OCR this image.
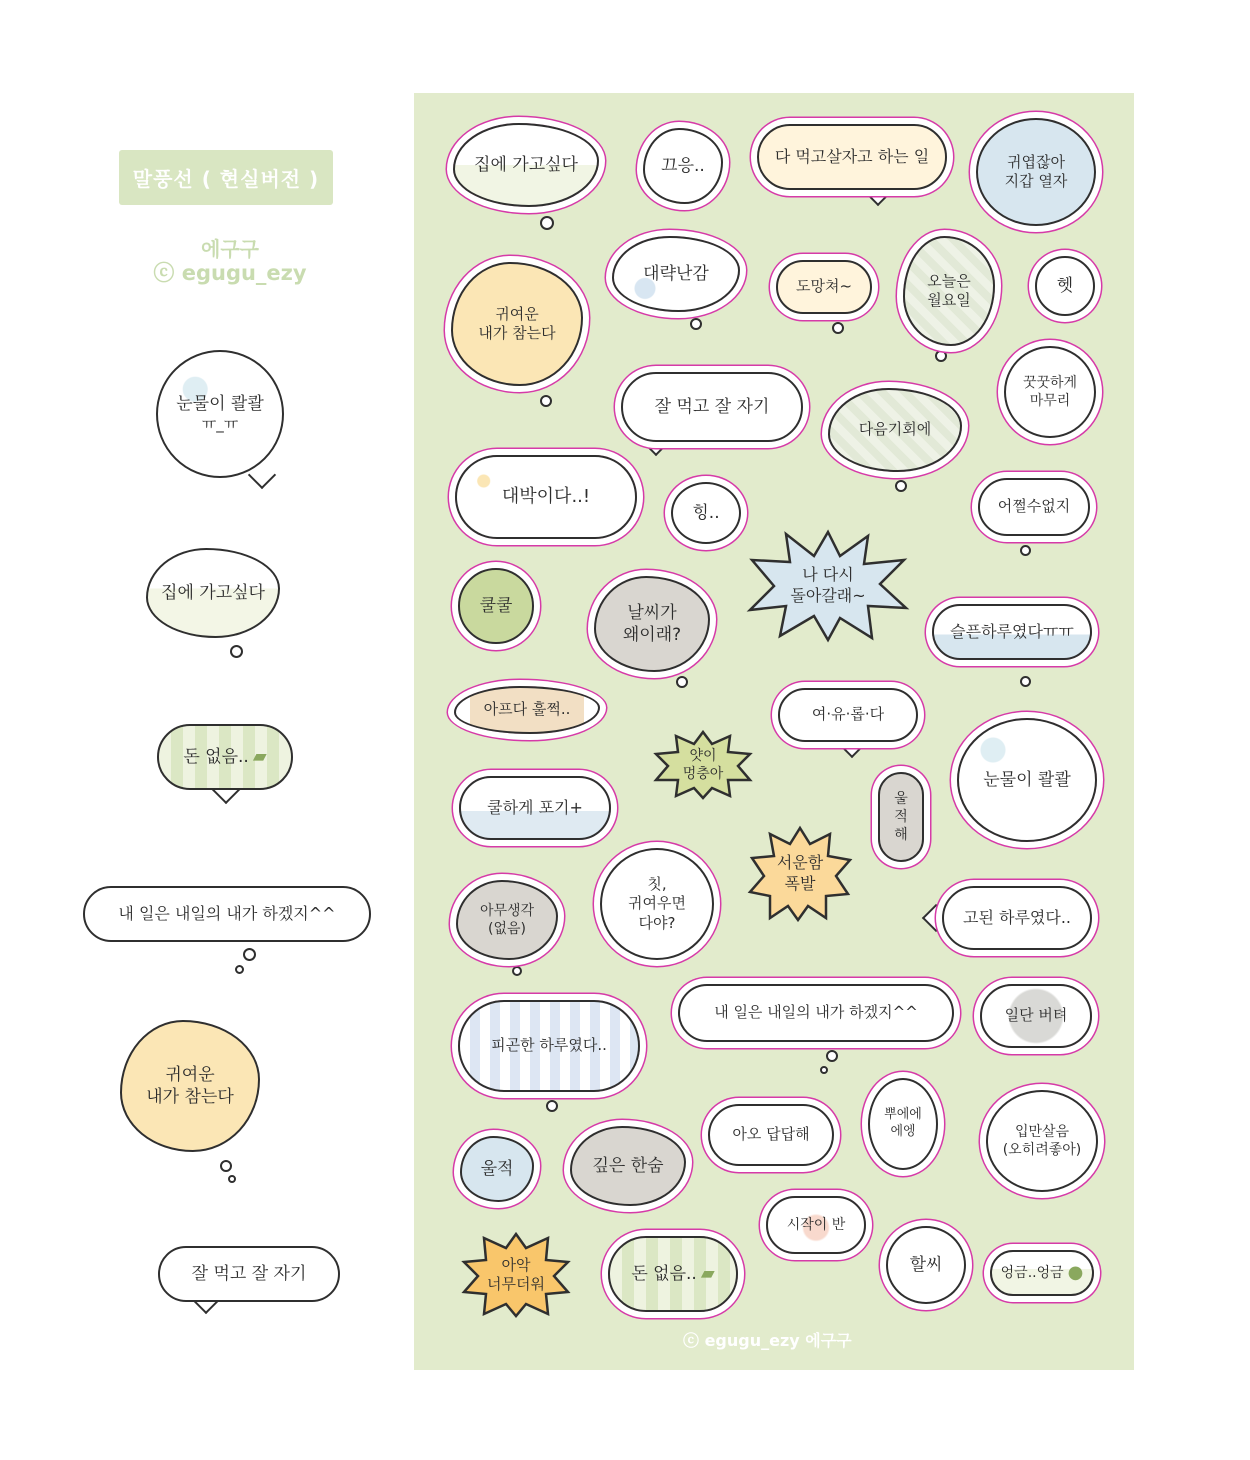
말풍선 ( 현실버전 )
에구구
ⓒ egugu_ezy
눈물이 콸콸
ㅠ_ㅠ
집에 가고싶다
돈 없음.. ▰
내 일은 내일의 내가 하겠지^^
귀여운
내가 참는다
잘 먹고 잘 자기
집에 가고싶다	끄응..	다 먹고살자고 하는 일	귀엽잖아
지갑 열자
대략난감
도망쳐~	오늘은
월요일
헷
귀여운
내가 참는다
잘 먹고 잘 자기
다음기회에
꿋꿋하게
마무리
대박이다..!
힝..	어쩔수없지
나 다시
돌아갈래~
쿨쿨	날씨가
왜이래?	슬픈하루였다ㅠㅠ
아프다 훌쩍..	여·유·롭·다
얏이
멍충아	눈물이 콸콸
쿨하게 포기+	울
적
해
서운함
폭발
아무생각
(없음)
칫,
귀여우면
다야?	고된 하루였다..
내 일은 내일의 내가 하겠지^^	일단 버텨
피곤한 하루였다..
뿌에에
에엥
아오 답답해	입만살음
(오히려좋아)
울적	깊은 한숨
시작이 반
아악
너무더워
돈 없음.. ▰	할씨	엉금..엉금 ●
ⓒ egugu_ezy 에구구
